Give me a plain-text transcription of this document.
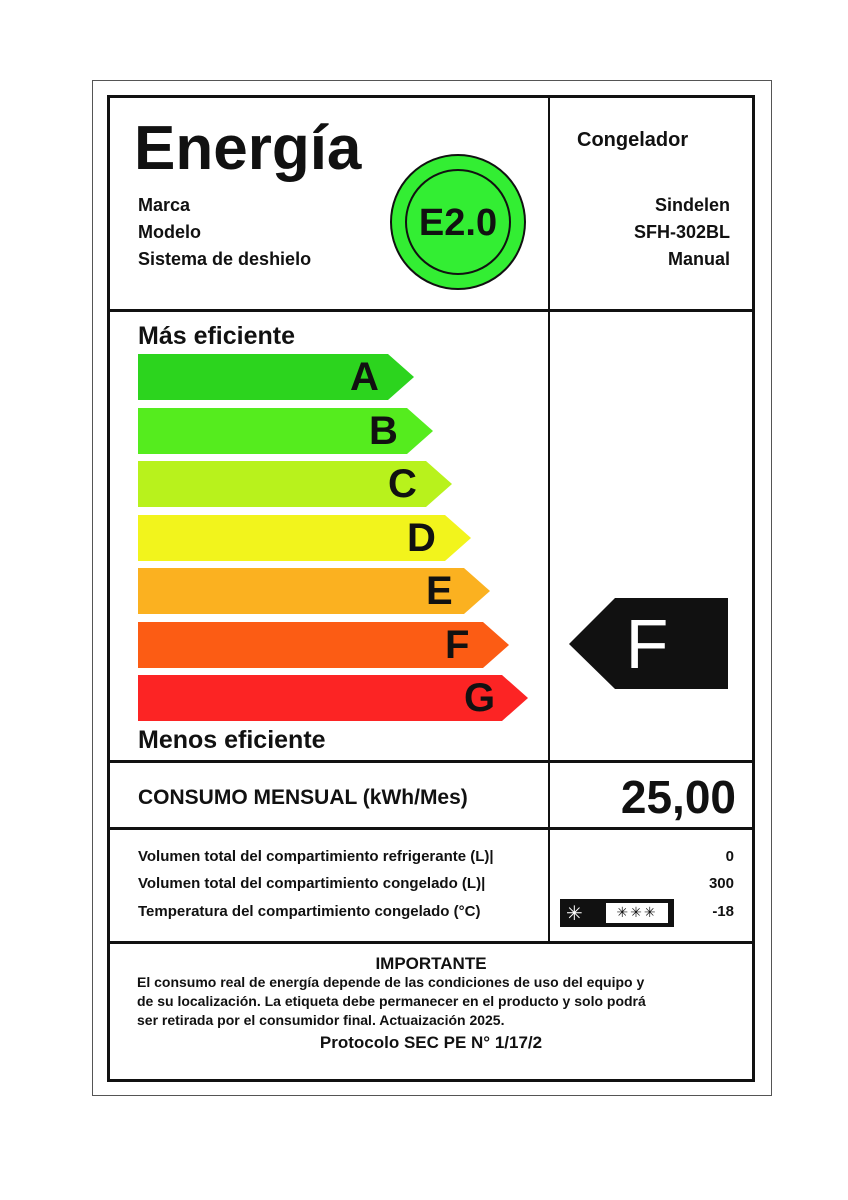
Energía
Marca
Modelo
Sistema de deshielo
E2.0
Congelador
Sindelen
SFH-302BL
Manual
Más eficiente
A
B
C
D
E
F
G
Menos eficiente
F
CONSUMO MENSUAL (kWh/Mes)	25,00
Volumen total del compartimiento refrigerante (L)|
Volumen total del compartimiento congelado (L)|
Temperatura del compartimiento congelado (°C)
0
300
-18
✳	✳✳✳
IMPORTANTE
El consumo real de energía depende de las condiciones de uso del equipo y
de su localización. La etiqueta debe permanecer en el producto y solo podrá
ser retirada por el consumidor final. Actuaización 2025.
Protocolo SEC PE N° 1/17/2
